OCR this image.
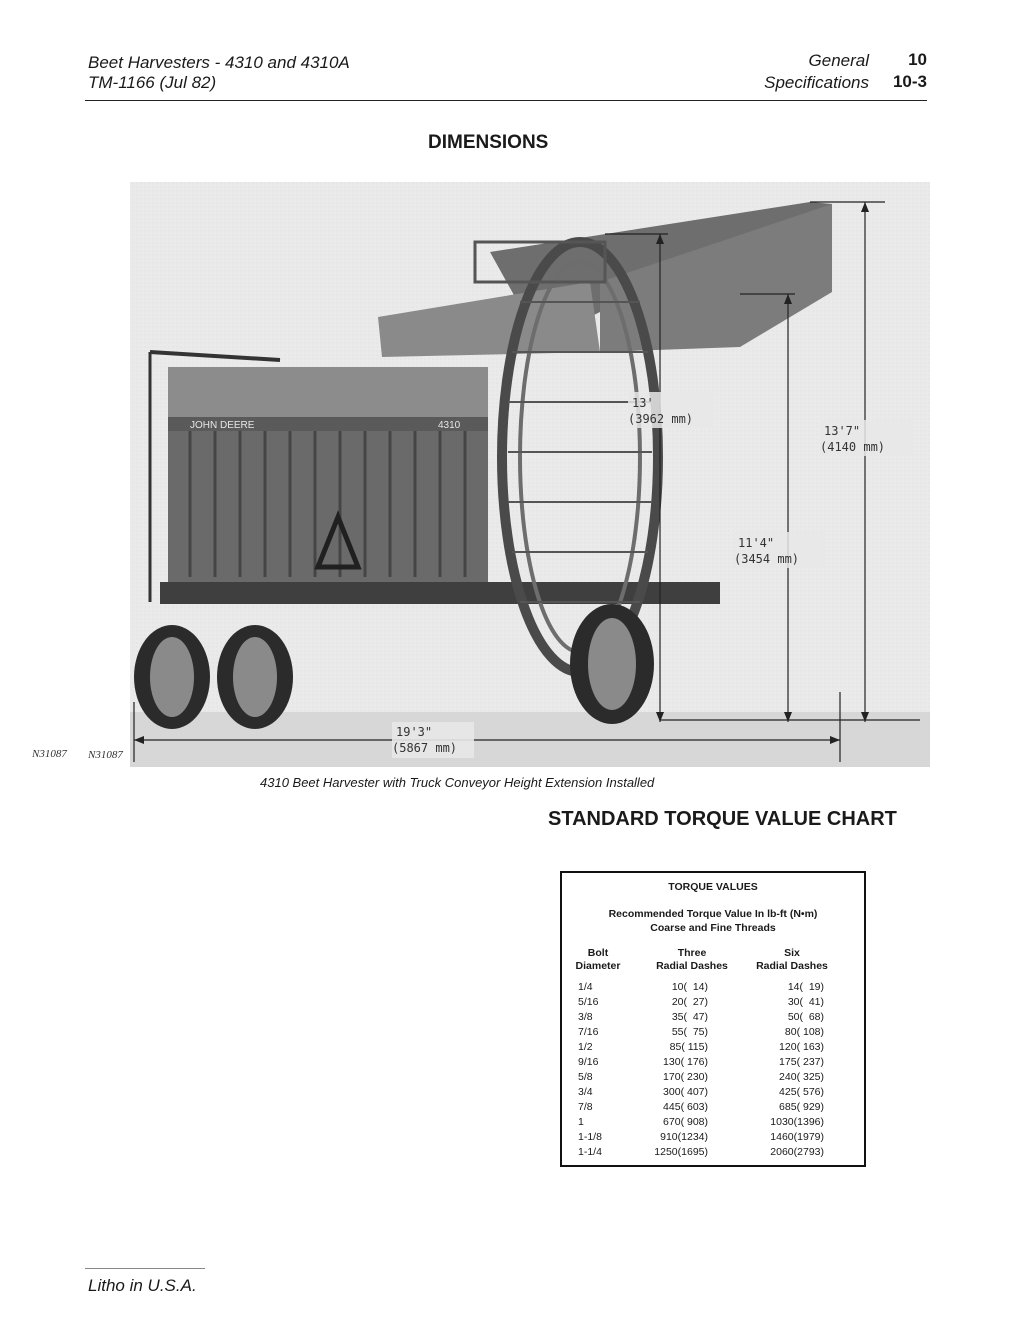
Beet Harvesters - 4310 and 4310A
TM-1166 (Jul 82)
General 10
Specifications 10-3
DIMENSIONS
JOHN DEERE	4310
13'
(3962 mm)
13'7"
(4140 mm)
11'4"
(3454 mm)
19'3"
(5867 mm)
N31087 N31087
4310 Beet Harvester with Truck Conveyor Height Extension Installed
STANDARD TORQUE VALUE CHART
TORQUE VALUES
Recommended Torque Value In lb-ft (N•m)
Coarse and Fine Threads
Bolt
Diameter
Three
Radial Dashes
Six
Radial Dashes
1/4	10(  14)	14(  19)
5/16	20(  27)	30(  41)
3/8	35(  47)	50(  68)
7/16	55(  75)	80( 108)
1/2	85( 115)	120( 163)
9/16	130( 176)	175( 237)
5/8	170( 230)	240( 325)
3/4	300( 407)	425( 576)
7/8	445( 603)	685( 929)
1	670( 908)	1030(1396)
1-1/8	910(1234)	1460(1979)
1-1/4	1250(1695)	2060(2793)
Litho in U.S.A.
